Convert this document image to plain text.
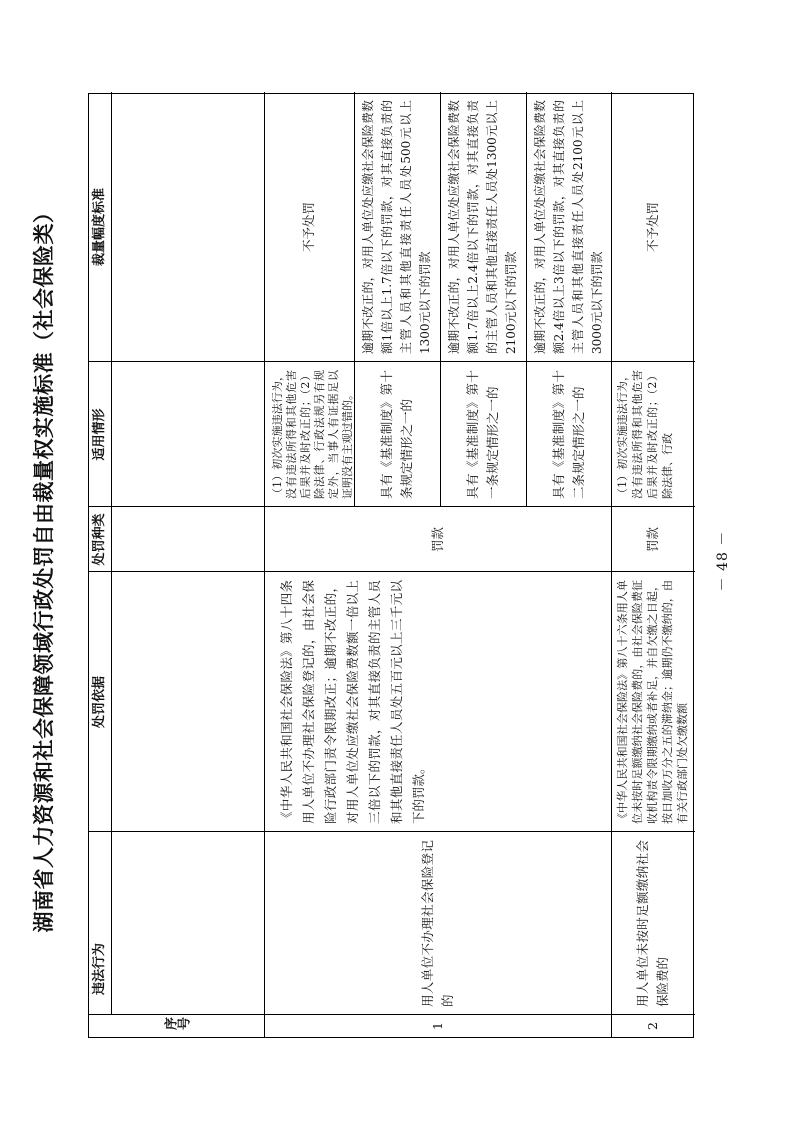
湖南省人力资源和社会保障领域行政处罚自由裁量权实施标准（社会保险类）
序号
违法行为
处罚依据
处罚种类
适用情形
裁量幅度标准
1
用人单位不办理社会保险登记的
《中华人民共和国社会保险法》第八十四条用人单位不办理社会保险登记的，由社会保险行政部门责令限期改正；逾期不改正的，对用人单位处应缴社会保险费数额一倍以上三倍以下的罚款，对其直接负责的主管人员和其他直接责任人员处五百元以上三千元以下的罚款。
罚款
（1）初次实施违法行为，没有违法所得和其他危害后果并及时改正的；（2）除法律、行政法规另有规定外，当事人有证据足以证明没有主观过错的。
不予处罚
具有《基准制度》第十条规定情形之一的
逾期不改正的，对用人单位处应缴社会保险费数额1倍以上1.7倍以下的罚款，对其直接负责的主管人员和其他直接责任人员处500元以上1300元以下的罚款
具有《基准制度》第十一条规定情形之一的
逾期不改正的，对用人单位处应缴社会保险费数额1.7倍以上2.4倍以下的罚款，对其直接负责的主管人员和其他直接责任人员处1300元以上2100元以下的罚款
具有《基准制度》第十二条规定情形之一的
逾期不改正的，对用人单位处应缴社会保险费数额2.4倍以上3倍以下的罚款，对其直接负责的主管人员和其他直接责任人员处2100元以上3000元以下的罚款
2
用人单位未按时足额缴纳社会保险费的
《中华人民共和国社会保险法》第八十六条用人单位未按时足额缴纳社会保险费的，由社会保险费征收机构责令限期缴纳或者补足，并自欠缴之日起，按日加收万分之五的滞纳金；逾期仍不缴纳的，由有关行政部门处欠缴数额
罚款
（1）初次实施违法行为，没有违法所得和其他危害后果并及时改正的；（2）除法律、行政
不予处罚
－ 48 －
